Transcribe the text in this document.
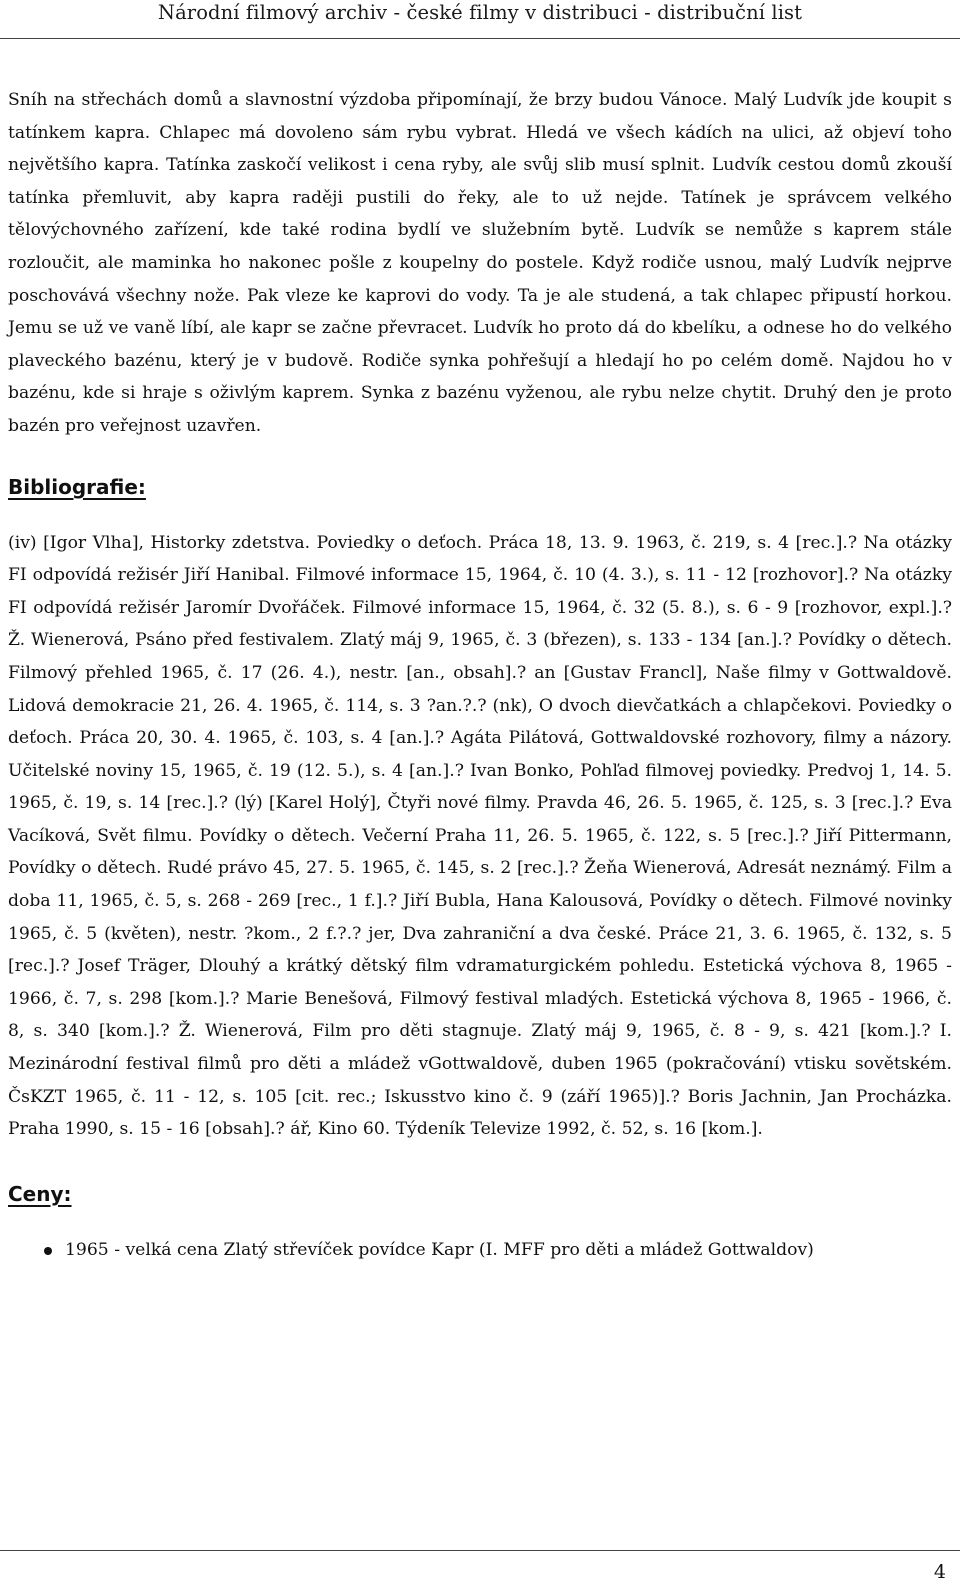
Národní filmový archiv - české filmy v distribuci - distribuční list

Sníh na střechách domů a slavnostní výzdoba připomínají, že brzy budou Vánoce. Malý Ludvík jde koupit s tatínkem kapra. Chlapec má dovoleno sám rybu vybrat. Hledá ve všech kádích na ulici, až objeví toho největšího kapra. Tatínka zaskočí velikost i cena ryby, ale svůj slib musí splnit. Ludvík cestou domů zkouší tatínka přemluvit, aby kapra raději pustili do řeky, ale to už nejde. Tatínek je správcem velkého tělovýchovného zařízení, kde také rodina bydlí ve služebním bytě. Ludvík se nemůže s kaprem stále rozloučit, ale maminka ho nakonec pošle z koupelny do postele. Když rodiče usnou, malý Ludvík nejprve poschovává všechny nože. Pak vleze ke kaprovi do vody. Ta je ale studená, a tak chlapec připustí horkou. Jemu se už ve vaně líbí, ale kapr se začne převracet. Ludvík ho proto dá do kbelíku, a odnese ho do velkého plaveckého bazénu, který je v budově. Rodiče synka pohřešují a hledají ho po celém domě. Najdou ho v bazénu, kde si hraje s oživlým kaprem. Synka z bazénu vyženou, ale rybu nelze chytit. Druhý den je proto bazén pro veřejnost uzavřen.

Bibliografie:

(iv) [Igor Vlha], Historky zdetstva. Poviedky o deťoch. Práca 18, 13. 9. 1963, č. 219, s. 4 [rec.].? Na otázky FI odpovídá režisér Jiří Hanibal. Filmové informace 15, 1964, č. 10 (4. 3.), s. 11 - 12 [rozhovor].? Na otázky FI odpovídá režisér Jaromír Dvořáček. Filmové informace 15, 1964, č. 32 (5. 8.), s. 6 - 9 [rozhovor, expl.].? Ž. Wienerová, Psáno před festivalem. Zlatý máj 9, 1965, č. 3 (březen), s. 133 - 134 [an.].? Povídky o dětech. Filmový přehled 1965, č. 17 (26. 4.), nestr. [an., obsah].? an [Gustav Francl], Naše filmy v Gottwaldově. Lidová demokracie 21, 26. 4. 1965, č. 114, s. 3 ?an.?.? (nk), O dvoch dievčatkách a chlapčekovi. Poviedky o deťoch. Práca 20, 30. 4. 1965, č. 103, s. 4 [an.].? Agáta Pilátová, Gottwaldovské rozhovory, filmy a názory. Učitelské noviny 15, 1965, č. 19 (12. 5.), s. 4 [an.].? Ivan Bonko, Pohľad filmovej poviedky. Predvoj 1, 14. 5. 1965, č. 19, s. 14 [rec.].? (lý) [Karel Holý], Čtyři nové filmy. Pravda 46, 26. 5. 1965, č. 125, s. 3 [rec.].? Eva Vacíková, Svět filmu. Povídky o dětech. Večerní Praha 11, 26. 5. 1965, č. 122, s. 5 [rec.].? Jiří Pittermann, Povídky o dětech. Rudé právo 45, 27. 5. 1965, č. 145, s. 2 [rec.].? Žeňa Wienerová, Adresát neznámý. Film a doba 11, 1965, č. 5, s. 268 - 269 [rec., 1 f.].? Jiří Bubla, Hana Kalousová, Povídky o dětech. Filmové novinky 1965, č. 5 (květen), nestr. ?kom., 2 f.?.? jer, Dva zahraniční a dva české. Práce 21, 3. 6. 1965, č. 132, s. 5 [rec.].? Josef Träger, Dlouhý a krátký dětský film vdramaturgickém pohledu. Estetická výchova 8, 1965 - 1966, č. 7, s. 298 [kom.].? Marie Benešová, Filmový festival mladých. Estetická výchova 8, 1965 - 1966, č. 8, s. 340 [kom.].? Ž. Wienerová, Film pro děti stagnuje. Zlatý máj 9, 1965, č. 8 - 9, s. 421 [kom.].? I. Mezinárodní festival filmů pro děti a mládež vGottwaldově, duben 1965 (pokračování) vtisku sovětském. ČsKZT 1965, č. 11 - 12, s. 105 [cit. rec.; Iskusstvo kino č. 9 (září 1965)].? Boris Jachnin, Jan Procházka. Praha 1990, s. 15 - 16 [obsah].? ář, Kino 60. Týdeník Televize 1992, č. 52, s. 16 [kom.].

Ceny:
1965 - velká cena Zlatý střevíček povídce Kapr (I. MFF pro děti a mládež Gottwaldov)
4
